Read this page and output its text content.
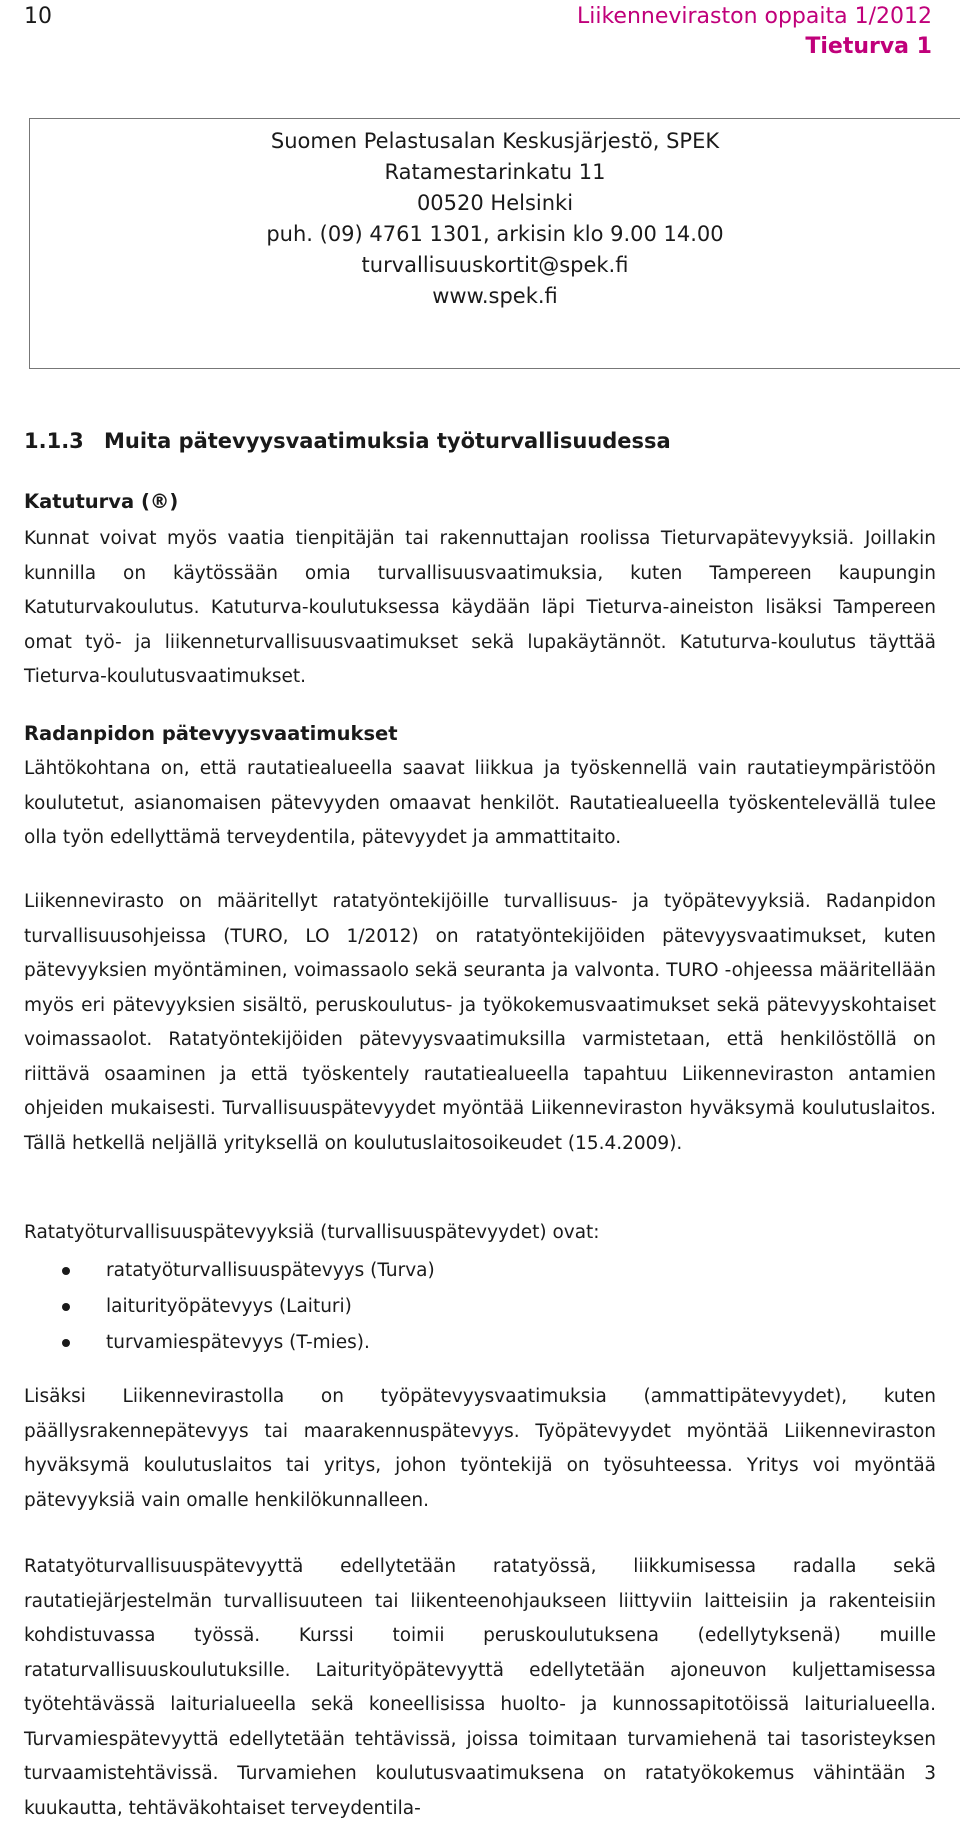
10	Liikenneviraston oppaita 1/2012
Tieturva 1
Suomen Pelastusalan Keskusjärjestö, SPEK
Ratamestarinkatu 11
00520 Helsinki
puh. (09) 4761 1301, arkisin klo 9.00 14.00
turvallisuuskortit@spek.fi
www.spek.fi
1.1.3 Muita pätevyysvaatimuksia työturvallisuudessa
Katuturva (®)
Kunnat voivat myös vaatia tienpitäjän tai rakennuttajan roolissa Tieturvapätevyyksiä. Joillakin kunnilla on käytössään omia turvallisuusvaatimuksia, kuten Tampereen kaupungin Katuturvakoulutus. Katuturva-koulutuksessa käydään läpi Tieturva-aineiston lisäksi Tampereen omat työ- ja liikenneturvallisuusvaatimukset sekä lupakäytännöt. Katuturva-koulutus täyttää Tieturva-koulutusvaatimukset.
Radanpidon pätevyysvaatimukset
Lähtökohtana on, että rautatiealueella saavat liikkua ja työskennellä vain rautatieympäristöön koulutetut, asianomaisen pätevyyden omaavat henkilöt. Rautatiealueella työskentelevällä tulee olla työn edellyttämä terveydentila, pätevyydet ja ammattitaito.
Liikennevirasto on määritellyt ratatyöntekijöille turvallisuus- ja työpätevyyksiä. Radanpidon turvallisuusohjeissa (TURO, LO 1/2012) on ratatyöntekijöiden pätevyysvaatimukset, kuten pätevyyksien myöntäminen, voimassaolo sekä seuranta ja valvonta. TURO -ohjeessa määritellään myös eri pätevyyksien sisältö, peruskoulutus- ja työkokemusvaatimukset sekä pätevyyskohtaiset voimassaolot. Ratatyöntekijöiden pätevyysvaatimuksilla varmistetaan, että henkilöstöllä on riittävä osaaminen ja että työskentely rautatiealueella tapahtuu Liikenneviraston antamien ohjeiden mukaisesti. Turvallisuuspätevyydet myöntää Liikenneviraston hyväksymä koulutuslaitos. Tällä hetkellä neljällä yrityksellä on koulutuslaitosoikeudet (15.4.2009).
Ratatyöturvallisuuspätevyyksiä (turvallisuuspätevyydet) ovat:
ratatyöturvallisuuspätevyys (Turva)
laiturityöpätevyys (Laituri)
turvamiespätevyys (T-mies).
Lisäksi Liikennevirastolla on työpätevyysvaatimuksia (ammattipätevyydet), kuten päällysrakennepätevyys tai maarakennuspätevyys. Työpätevyydet myöntää Liikenneviraston hyväksymä koulutuslaitos tai yritys, johon työntekijä on työsuhteessa. Yritys voi myöntää pätevyyksiä vain omalle henkilökunnalleen.
Ratatyöturvallisuuspätevyyttä edellytetään ratatyössä, liikkumisessa radalla sekä rautatiejärjestelmän turvallisuuteen tai liikenteenohjaukseen liittyviin laitteisiin ja rakenteisiin kohdistuvassa työssä. Kurssi toimii peruskoulutuksena (edellytyksenä) muille rataturvallisuuskoulutuksille. Laiturityöpätevyyttä edellytetään ajoneuvon kuljettamisessa työtehtävässä laiturialueella sekä koneellisissa huolto- ja kunnossapitotöissä laiturialueella. Turvamiespätevyyttä edellytetään tehtävissä, joissa toimitaan turvamiehenä tai tasoristeyksen turvaamistehtävissä. Turvamiehen koulutusvaatimuksena on ratatyökokemus vähintään 3 kuukautta, tehtäväkohtaiset terveydentila-
